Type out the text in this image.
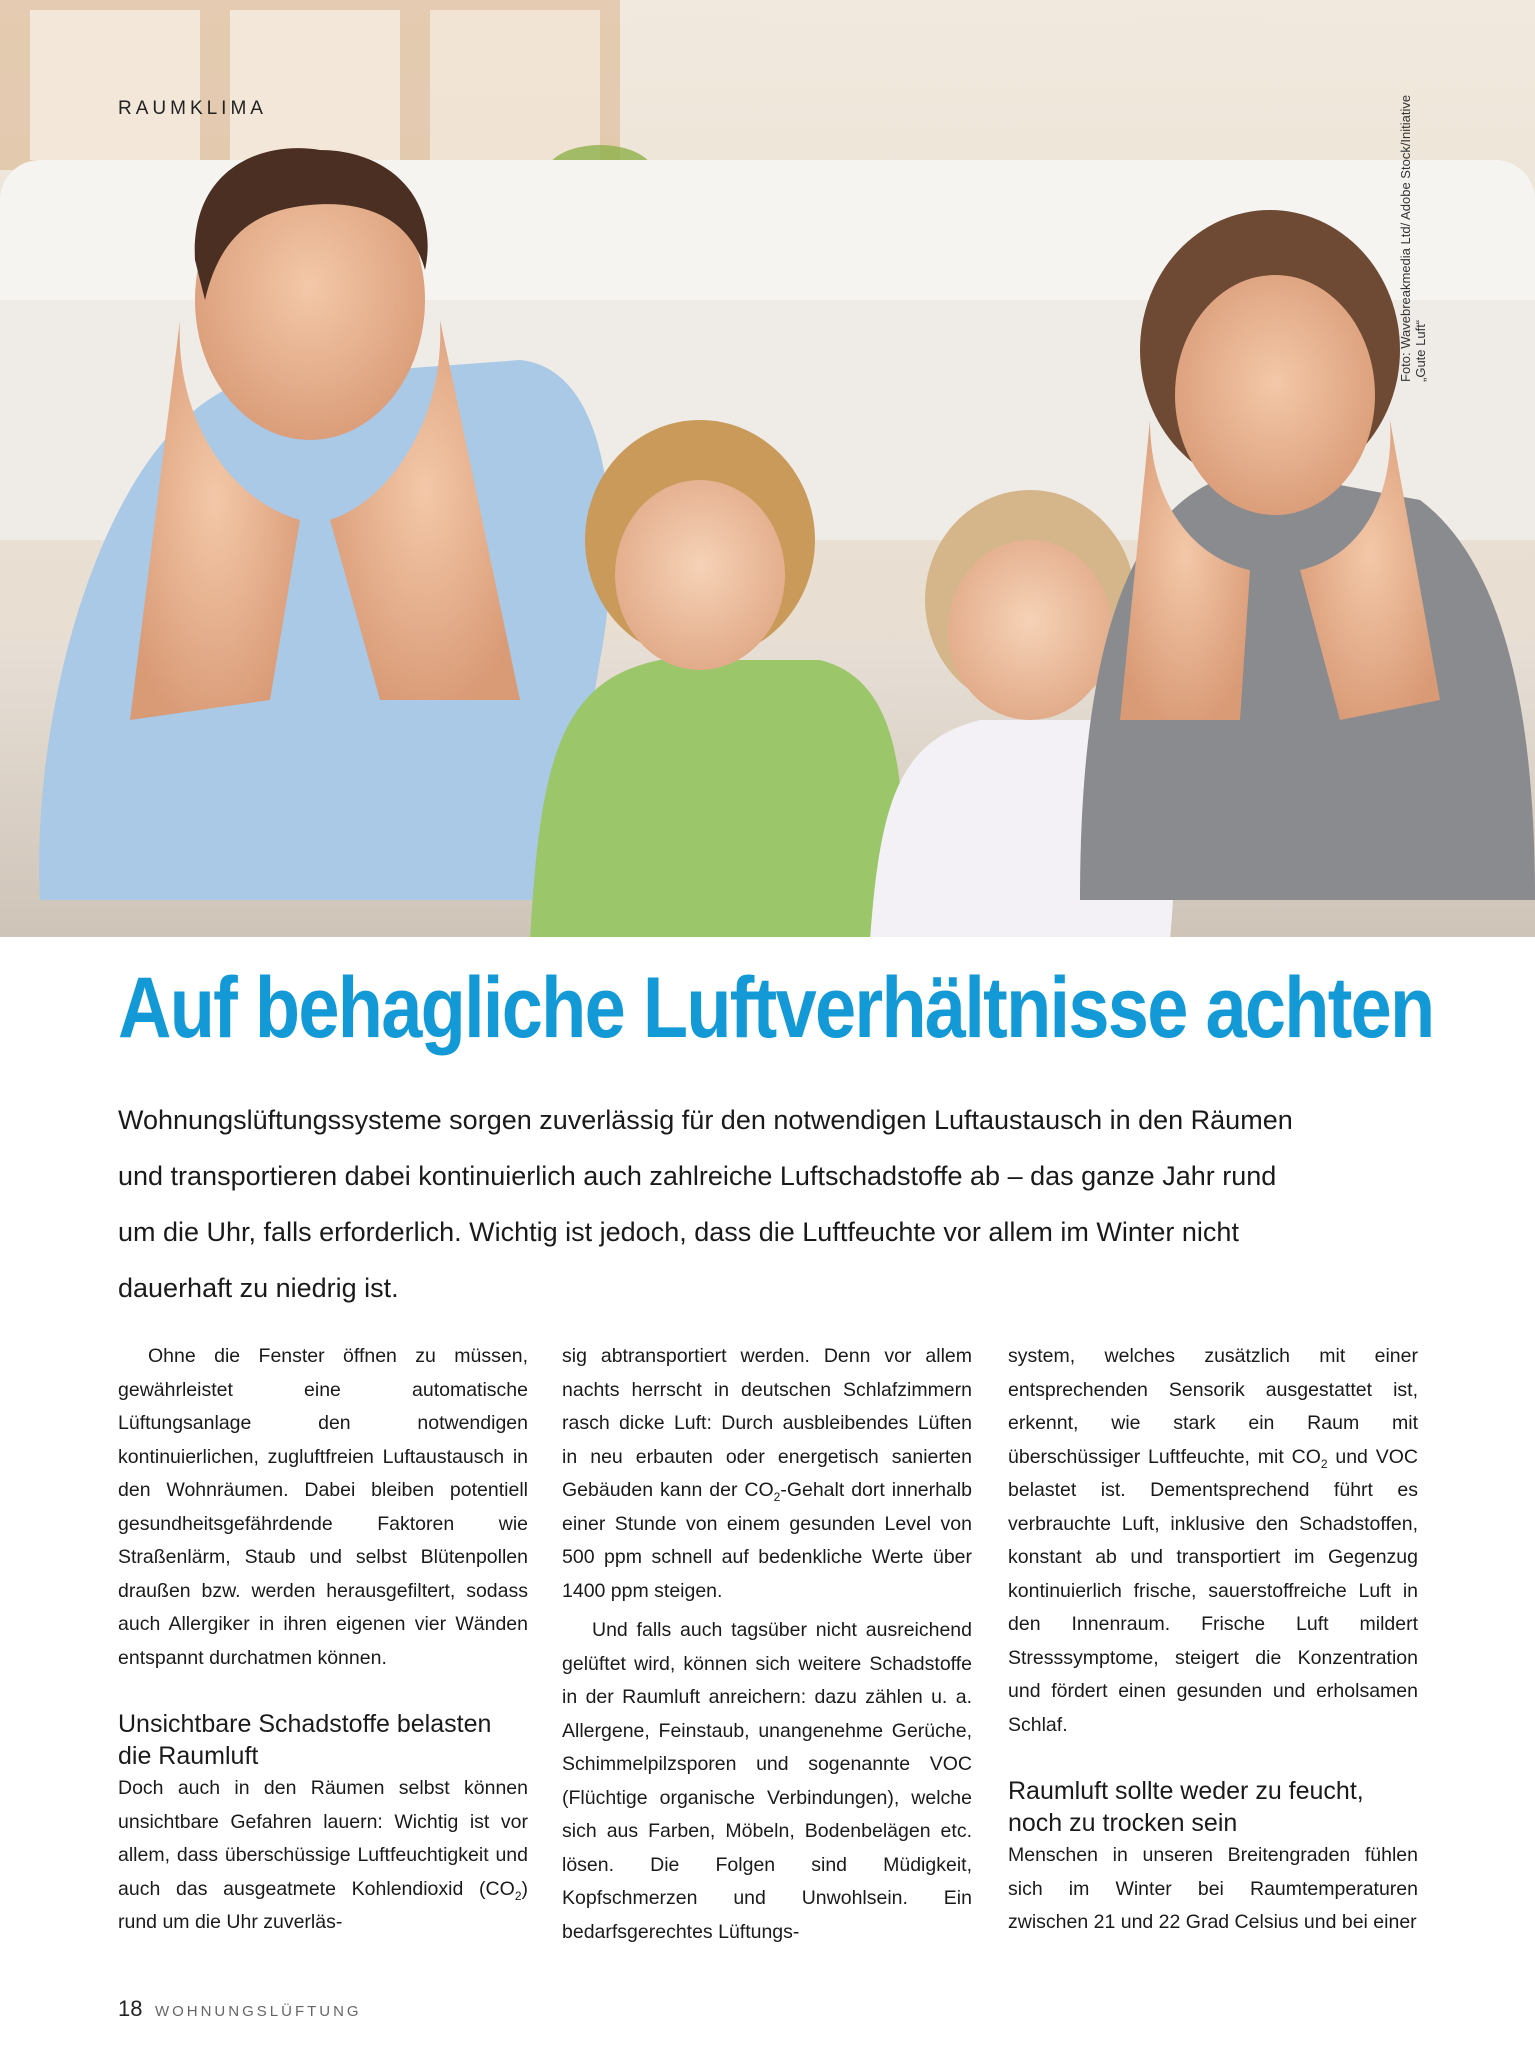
RAUMKLIMA	Foto: Wavebreakmedia Ltd/ Adobe Stock/Initiative „Gute Luft“
Auf behagliche Luftverhältnisse achten

Wohnungslüftungssysteme sorgen zuverlässig für den notwendigen Luftaustausch in den Räumen und transportieren dabei kontinuierlich auch zahlreiche Luftschadstoffe ab – das ganze Jahr rund um die Uhr, falls erforderlich. Wichtig ist jedoch, dass die Luftfeuchte vor allem im Winter nicht dauerhaft zu niedrig ist.

Ohne die Fenster öffnen zu müssen, gewährleistet eine automatische Lüftungsanlage den notwendigen kontinuierlichen, zugluftfreien Luftaustausch in den Wohnräumen. Dabei bleiben potentiell gesundheitsgefährdende Faktoren wie Straßenlärm, Staub und selbst Blütenpollen draußen bzw. werden herausgefiltert, sodass auch Allergiker in ihren eigenen vier Wänden entspannt durchatmen können.

Unsichtbare Schadstoffe belasten die Raumluft

Doch auch in den Räumen selbst können unsichtbare Gefahren lauern: Wichtig ist vor allem, dass überschüssige Luftfeuchtigkeit und auch das ausgeatmete Kohlendioxid $(CO_2)$ rund um die Uhr zuverläs-

sig abtransportiert werden. Denn vor allem nachts herrscht in deutschen Schlafzimmern rasch dicke Luft: Durch ausbleibendes Lüften in neu erbauten oder energetisch sanierten Gebäuden kann der $CO_2$-Gehalt dort innerhalb einer Stunde von einem gesunden Level von 500 ppm schnell auf bedenkliche Werte über 1400 ppm steigen.

Und falls auch tagsüber nicht ausreichend gelüftet wird, können sich weitere Schadstoffe in der Raumluft anreichern: dazu zählen u. a. Allergene, Feinstaub, unangenehme Gerüche, Schimmelpilzsporen und sogenannte VOC (Flüchtige organische Verbindungen), welche sich aus Farben, Möbeln, Bodenbelägen etc. lösen. Die Folgen sind Müdigkeit, Kopfschmerzen und Unwohlsein. Ein bedarfsgerechtes Lüftungs-

system, welches zusätzlich mit einer entsprechenden Sensorik ausgestattet ist, erkennt, wie stark ein Raum mit überschüssiger Luftfeuchte, mit $CO_2$ und VOC belastet ist. Dementsprechend führt es verbrauchte Luft, inklusive den Schadstoffen, konstant ab und transportiert im Gegenzug kontinuierlich frische, sauerstoffreiche Luft in den Innenraum. Frische Luft mildert Stresssymptome, steigert die Konzentration und fördert einen gesunden und erholsamen Schlaf.

Raumluft sollte weder zu feucht, noch zu trocken sein

Menschen in unseren Breitengraden fühlen sich im Winter bei Raumtemperaturen zwischen 21 und 22 Grad Celsius und bei einer

18 WOHNUNGSLÜFTUNG
